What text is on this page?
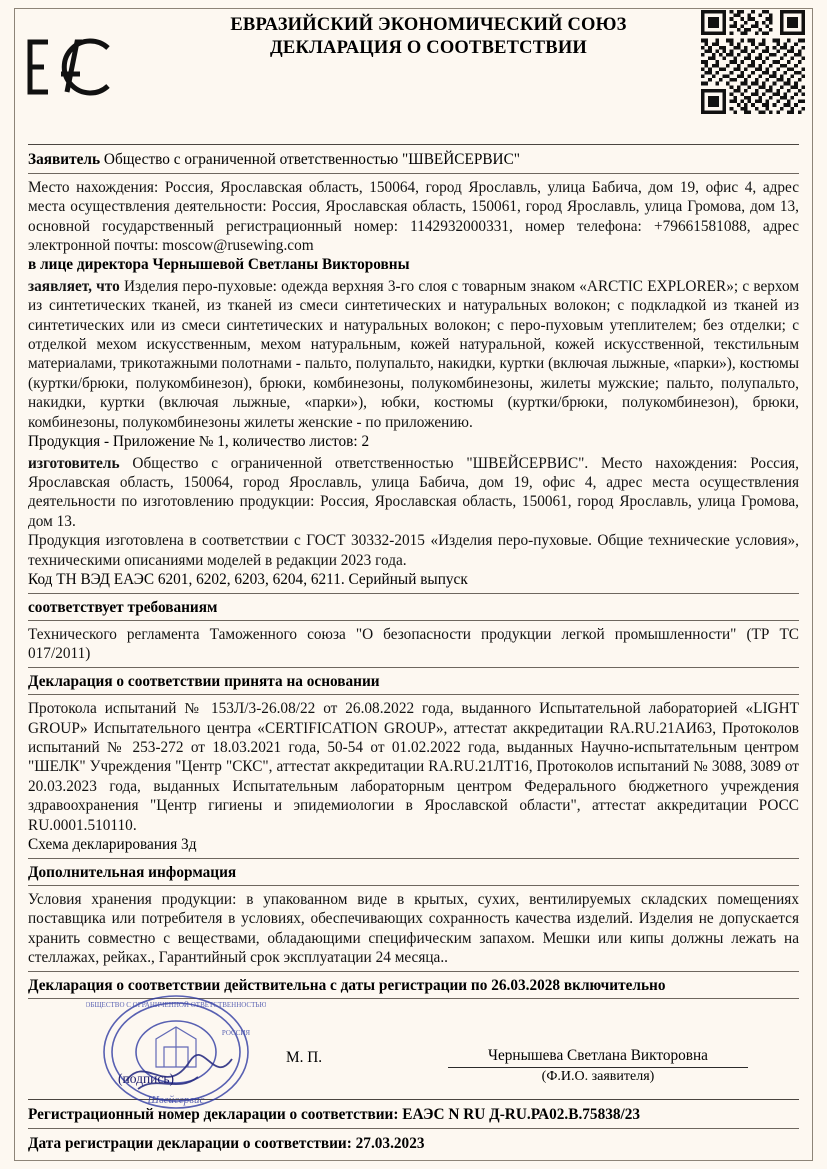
ЕВРАЗИЙСКИЙ ЭКОНОМИЧЕСКИЙ СОЮЗ
ДЕКЛАРАЦИЯ О СООТВЕТСТВИИ
Заявитель Общество с ограниченной ответственностью "ШВЕЙСЕРВИС"
Место нахождения: Россия, Ярославская область, 150064, город Ярославль, улица Бабича, дом 19, офис 4, адрес места осуществления деятельности: Россия, Ярославская область, 150061, город Ярославль, улица Громова, дом 13, основной государственный регистрационный номер: 1142932000331, номер телефона: +79661581088, адрес электронной почты: moscow@rusewing.com
в лице директора Чернышевой Светланы Викторовны
заявляет, что Изделия перо-пуховые: одежда верхняя 3-го слоя с товарным знаком «ARCTIC EXPLORER»; с верхом из синтетических тканей, из тканей из смеси синтетических и натуральных волокон; с подкладкой из тканей из синтетических или из смеси синтетических и натуральных волокон; с перо-пуховым утеплителем; без отделки; с отделкой мехом искусственным, мехом натуральным, кожей натуральной, кожей искусственной, текстильным материалами, трикотажными полотнами - пальто, полупальто, накидки, куртки (включая лыжные, «парки»), костюмы (куртки/брюки, полукомбинезон), брюки, комбинезоны, полукомбинезоны, жилеты мужские; пальто, полупальто, накидки, куртки (включая лыжные, «парки»), юбки, костюмы (куртки/брюки, полукомбинезон), брюки, комбинезоны, полукомбинезоны жилеты женские - по приложению.
Продукция - Приложение № 1, количество листов: 2
изготовитель Общество с ограниченной ответственностью "ШВЕЙСЕРВИС". Место нахождения: Россия, Ярославская область, 150064, город Ярославль, улица Бабича, дом 19, офис 4, адрес места осуществления деятельности по изготовлению продукции: Россия, Ярославская область, 150061, город Ярославль, улица Громова, дом 13.
Продукция изготовлена в соответствии с ГОСТ 30332-2015 «Изделия перо-пуховые. Общие технические условия», техническими описаниями моделей в редакции 2023 года.
Код ТН ВЭД ЕАЭС 6201, 6202, 6203, 6204, 6211. Серийный выпуск
соответствует требованиям
Технического регламента Таможенного союза "О безопасности продукции легкой промышленности" (ТР ТС 017/2011)
Декларация о соответствии принята на основании
Протокола испытаний № 153Л/3-26.08/22 от 26.08.2022 года, выданного Испытательной лабораторией «LIGHT GROUP» Испытательного центра «CERTIFICATION GROUP», аттестат аккредитации RA.RU.21АИ63, Протоколов испытаний № 253-272 от 18.03.2021 года, 50-54 от 01.02.2022 года, выданных Научно-испытательным центром "ШЕЛК" Учреждения "Центр "СКС", аттестат аккредитации RA.RU.21ЛТ16, Протоколов испытаний № 3088, 3089 от 20.03.2023 года, выданных Испытательным лабораторным центром Федерального бюджетного учреждения здравоохранения "Центр гигиены и эпидемиологии в Ярославской области", аттестат аккредитации РОСС RU.0001.510110.
Схема декларирования 3д
Дополнительная информация
Условия хранения продукции: в упакованном виде в крытых, сухих, вентилируемых складских помещениях поставщика или потребителя в условиях, обеспечивающих сохранность качества изделий. Изделия не допускается хранить совместно с веществами, обладающими специфическим запахом. Мешки или кипы должны лежать на стеллажах, рейках., Гарантийный срок эксплуатации 24 месяца..
Декларация о соответствии действительна с даты регистрации по 26.03.2028 включительно
ОБЩЕСТВО С ОГРАНИЧЕННОЙ ОТВЕТСТВЕННОСТЬЮ
Швейсервис
РОССИЯ
(подпись)
М. П.	Чернышева Светлана Викторовна
(Ф.И.О. заявителя)
Регистрационный номер декларации о соответствии: ЕАЭС N RU Д-RU.РА02.В.75838/23
Дата регистрации декларации о соответствии: 27.03.2023
